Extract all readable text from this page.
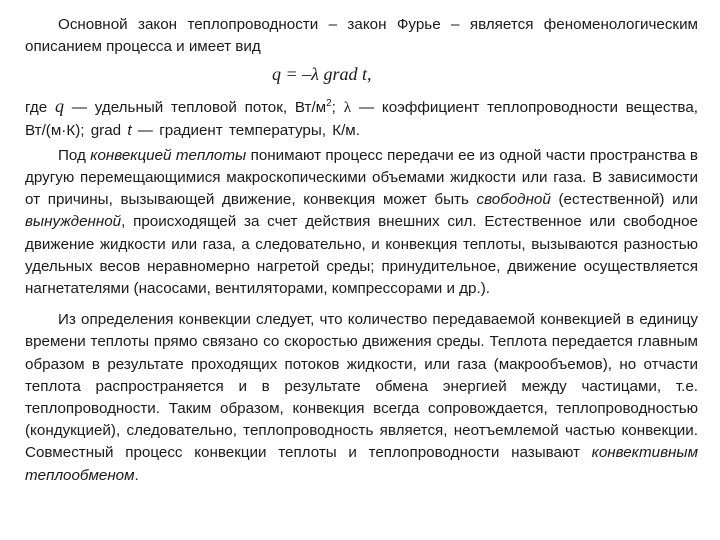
Основной закон теплопроводности – закон Фурье – является феноменологическим описанием процесса и имеет вид

q = –λ grad t,

где q — удельный тепловой поток, $Вт/м^2$; λ — коэффициент теплопроводности вещества, Вт/(м·К); grad t — градиент температуры, К/м.

Под конвекцией теплоты понимают процесс передачи ее из одной части пространства в другую перемещающимися макроскопическими объемами жидкости или газа. В зависимости от причины, вызывающей движение, конвекция может быть свободной (естественной) или вынужденной, происходящей за счет действия внешних сил. Естественное или свободное движение жидкости или газа, а следовательно, и конвекция теплоты, вызываются разностью удельных весов неравномерно нагретой среды; принудительное, движение осуществляется нагнетателями (насосами, вентиляторами, компрессорами и др.).

Из определения конвекции следует, что количество передаваемой конвекцией в единицу времени теплоты прямо связано со скоростью движения среды. Теплота передается главным образом в результате проходящих потоков жидкости, или газа (макрообъемов), но отчасти теплота распространяется и в результате обмена энергией между частицами, т.е. теплопроводности. Таким образом, конвекция всегда сопровождается, теплопроводностью (кондукцией), следовательно, теплопроводность является, неотъемлемой частью конвекции. Совместный процесс конвекции теплоты и теплопроводности называют конвективным теплообменом.
